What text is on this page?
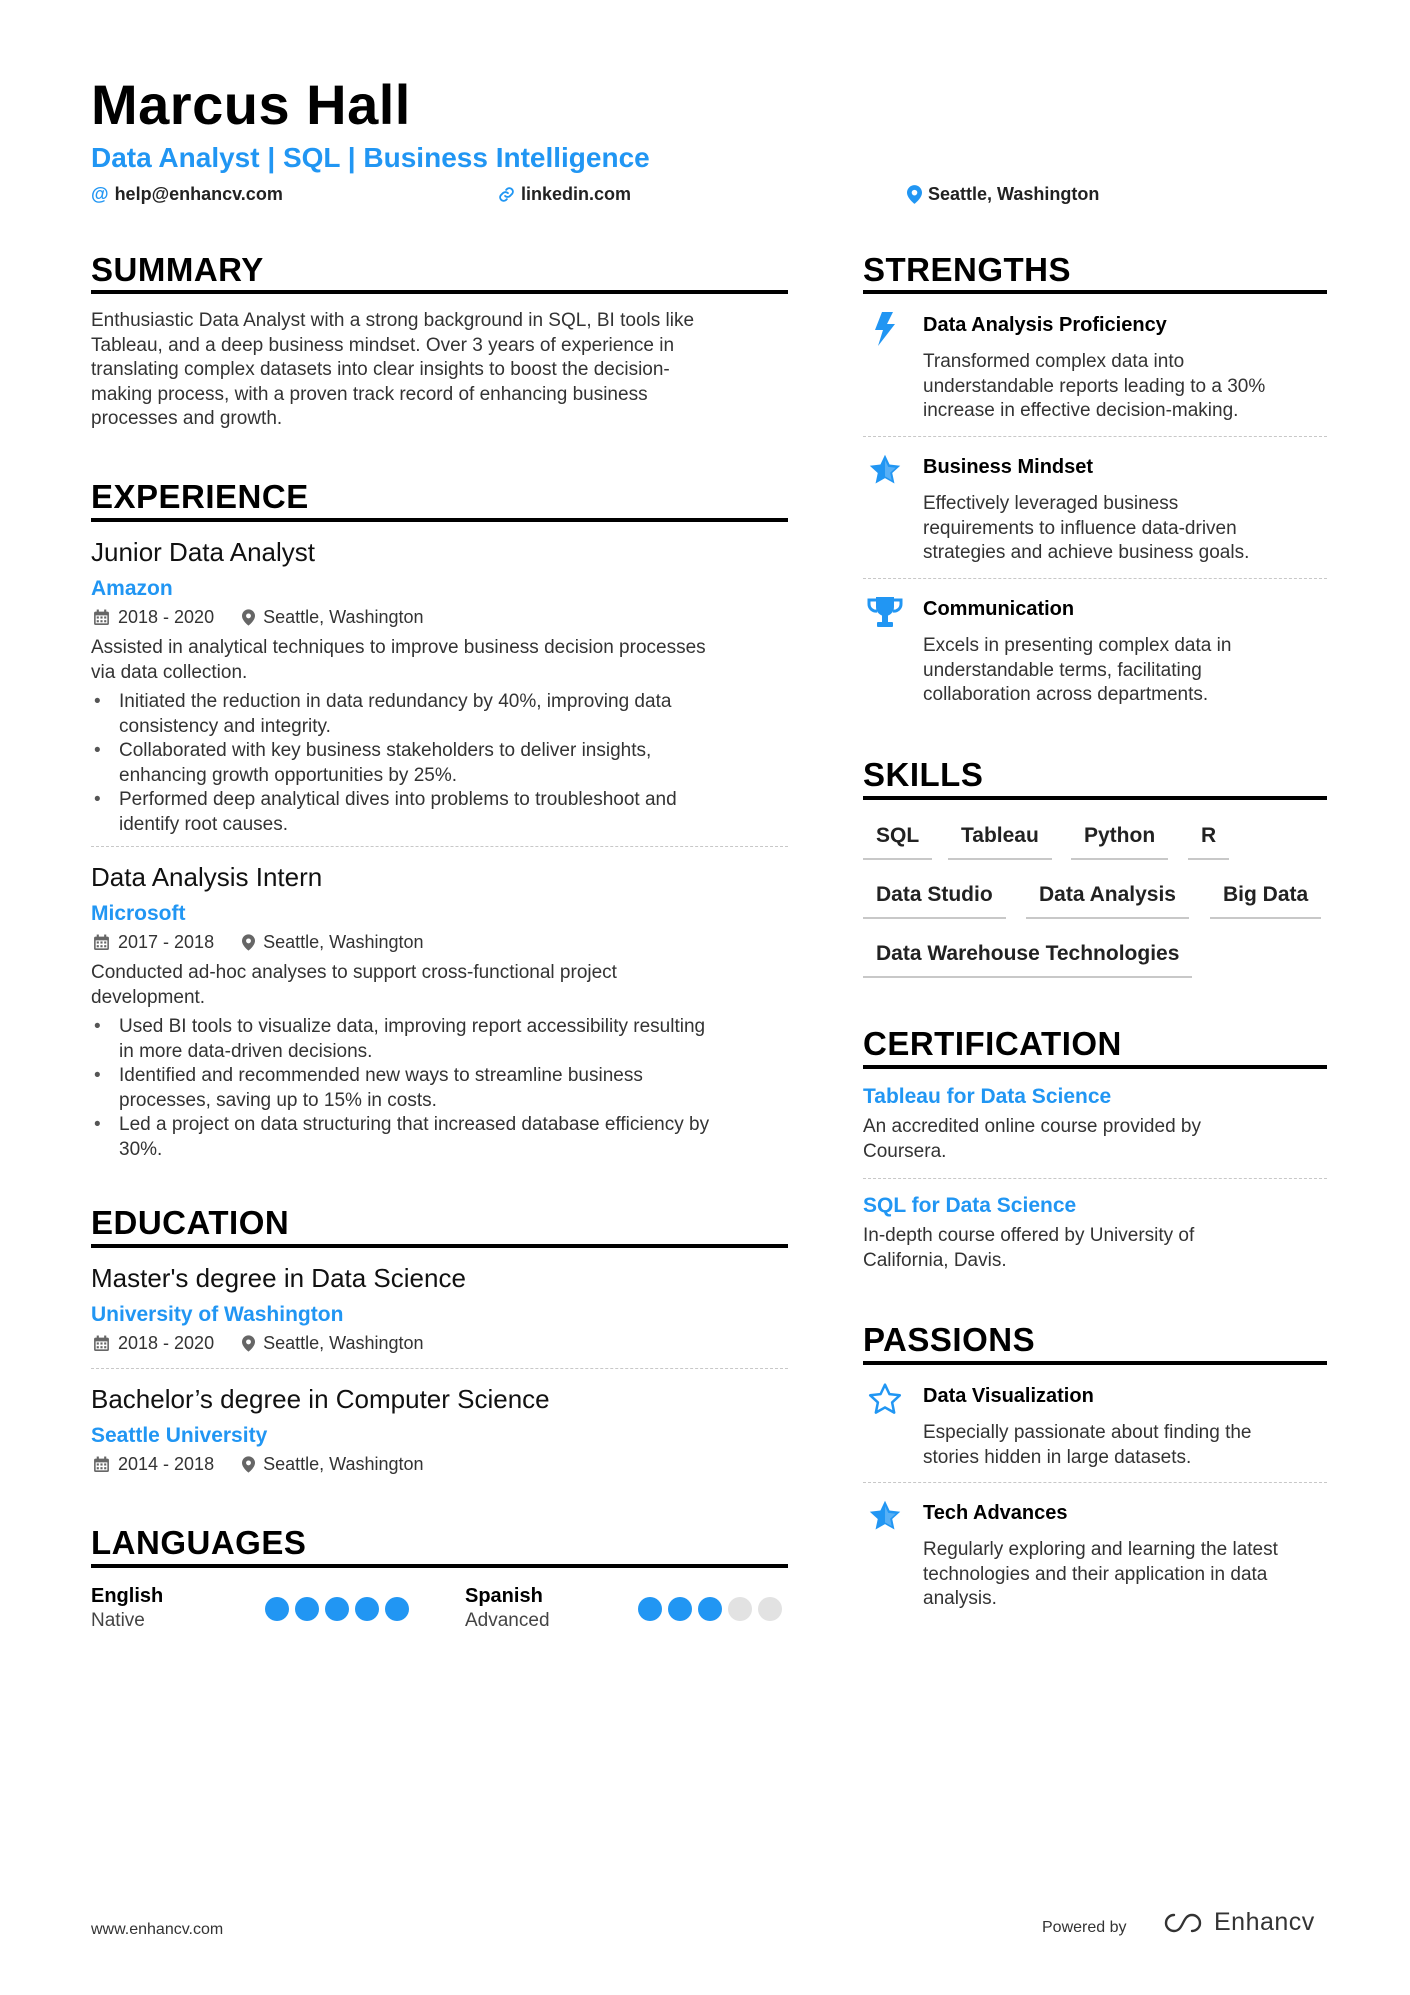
Marcus Hall
Data Analyst | SQL | Business Intelligence
@ help@enhancv.com	linkedin.com	Seattle, Washington
SUMMARY
Enthusiastic Data Analyst with a strong background in SQL, BI tools like
Tableau, and a deep business mindset. Over 3 years of experience in
translating complex datasets into clear insights to boost the decision-
making process, with a proven track record of enhancing business
processes and growth.
EXPERIENCE
Junior Data Analyst
Amazon
2018 - 2020	Seattle, Washington
Assisted in analytical techniques to improve business decision processes
via data collection.
• Initiated the reduction in data redundancy by 40%, improving data
consistency and integrity.
• Collaborated with key business stakeholders to deliver insights,
enhancing growth opportunities by 25%.
• Performed deep analytical dives into problems to troubleshoot and
identify root causes.
Data Analysis Intern
Microsoft
2017 - 2018	Seattle, Washington
Conducted ad-hoc analyses to support cross-functional project
development.
• Used BI tools to visualize data, improving report accessibility resulting
in more data-driven decisions.
• Identified and recommended new ways to streamline business
processes, saving up to 15% in costs.
• Led a project on data structuring that increased database efficiency by
30%.
EDUCATION
Master's degree in Data Science
University of Washington
2018 - 2020	Seattle, Washington
Bachelor’s degree in Computer Science
Seattle University
2014 - 2018	Seattle, Washington
LANGUAGES
English
Native
Spanish
Advanced
STRENGTHS
Data Analysis Proficiency
Transformed complex data into
understandable reports leading to a 30%
increase in effective decision-making.
Business Mindset
Effectively leveraged business
requirements to influence data-driven
strategies and achieve business goals.
Communication
Excels in presenting complex data in
understandable terms, facilitating
collaboration across departments.
SKILLS
SQL	Tableau	Python	R
Data Studio	Data Analysis	Big Data
Data Warehouse Technologies
CERTIFICATION
Tableau for Data Science
An accredited online course provided by
Coursera.
SQL for Data Science
In-depth course offered by University of
California, Davis.
PASSIONS
Data Visualization
Especially passionate about finding the
stories hidden in large datasets.
Tech Advances
Regularly exploring and learning the latest
technologies and their application in data
analysis.
www.enhancv.com	Powered by	Enhancv
